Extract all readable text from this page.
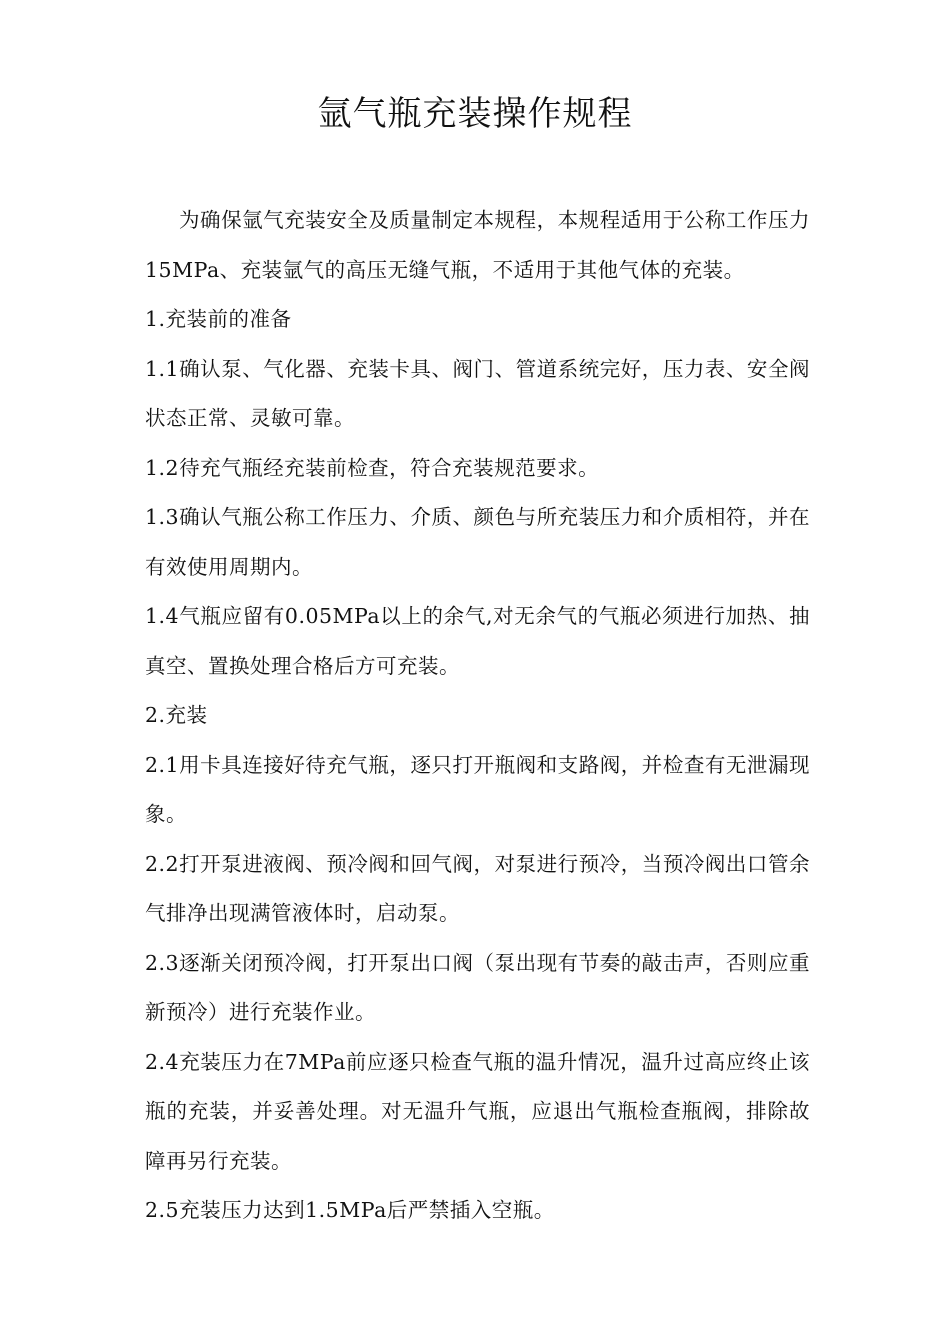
氩气瓶充装操作规程

为确保氩气充装安全及质量制定本规程，本规程适用于公称工作压力15MPa、充装氩气的高压无缝气瓶，不适用于其他气体的充装。

1.充装前的准备

1.1确认泵、气化器、充装卡具、阀门、管道系统完好，压力表、安全阀状态正常、灵敏可靠。

1.2待充气瓶经充装前检查，符合充装规范要求。

1.3确认气瓶公称工作压力、介质、颜色与所充装压力和介质相符，并在有效使用周期内。

1.4气瓶应留有0.05MPa以上的余气,对无余气的气瓶必须进行加热、抽真空、置换处理合格后方可充装。

2.充装

2.1用卡具连接好待充气瓶，逐只打开瓶阀和支路阀，并检查有无泄漏现象。

2.2打开泵进液阀、预冷阀和回气阀，对泵进行预冷，当预冷阀出口管余气排净出现满管液体时，启动泵。

2.3逐渐关闭预冷阀，打开泵出口阀（泵出现有节奏的敲击声，否则应重新预冷）进行充装作业。

2.4充装压力在7MPa前应逐只检查气瓶的温升情况，温升过高应终止该瓶的充装，并妥善处理。对无温升气瓶，应退出气瓶检查瓶阀，排除故障再另行充装。

2.5充装压力达到1.5MPa后严禁插入空瓶。
